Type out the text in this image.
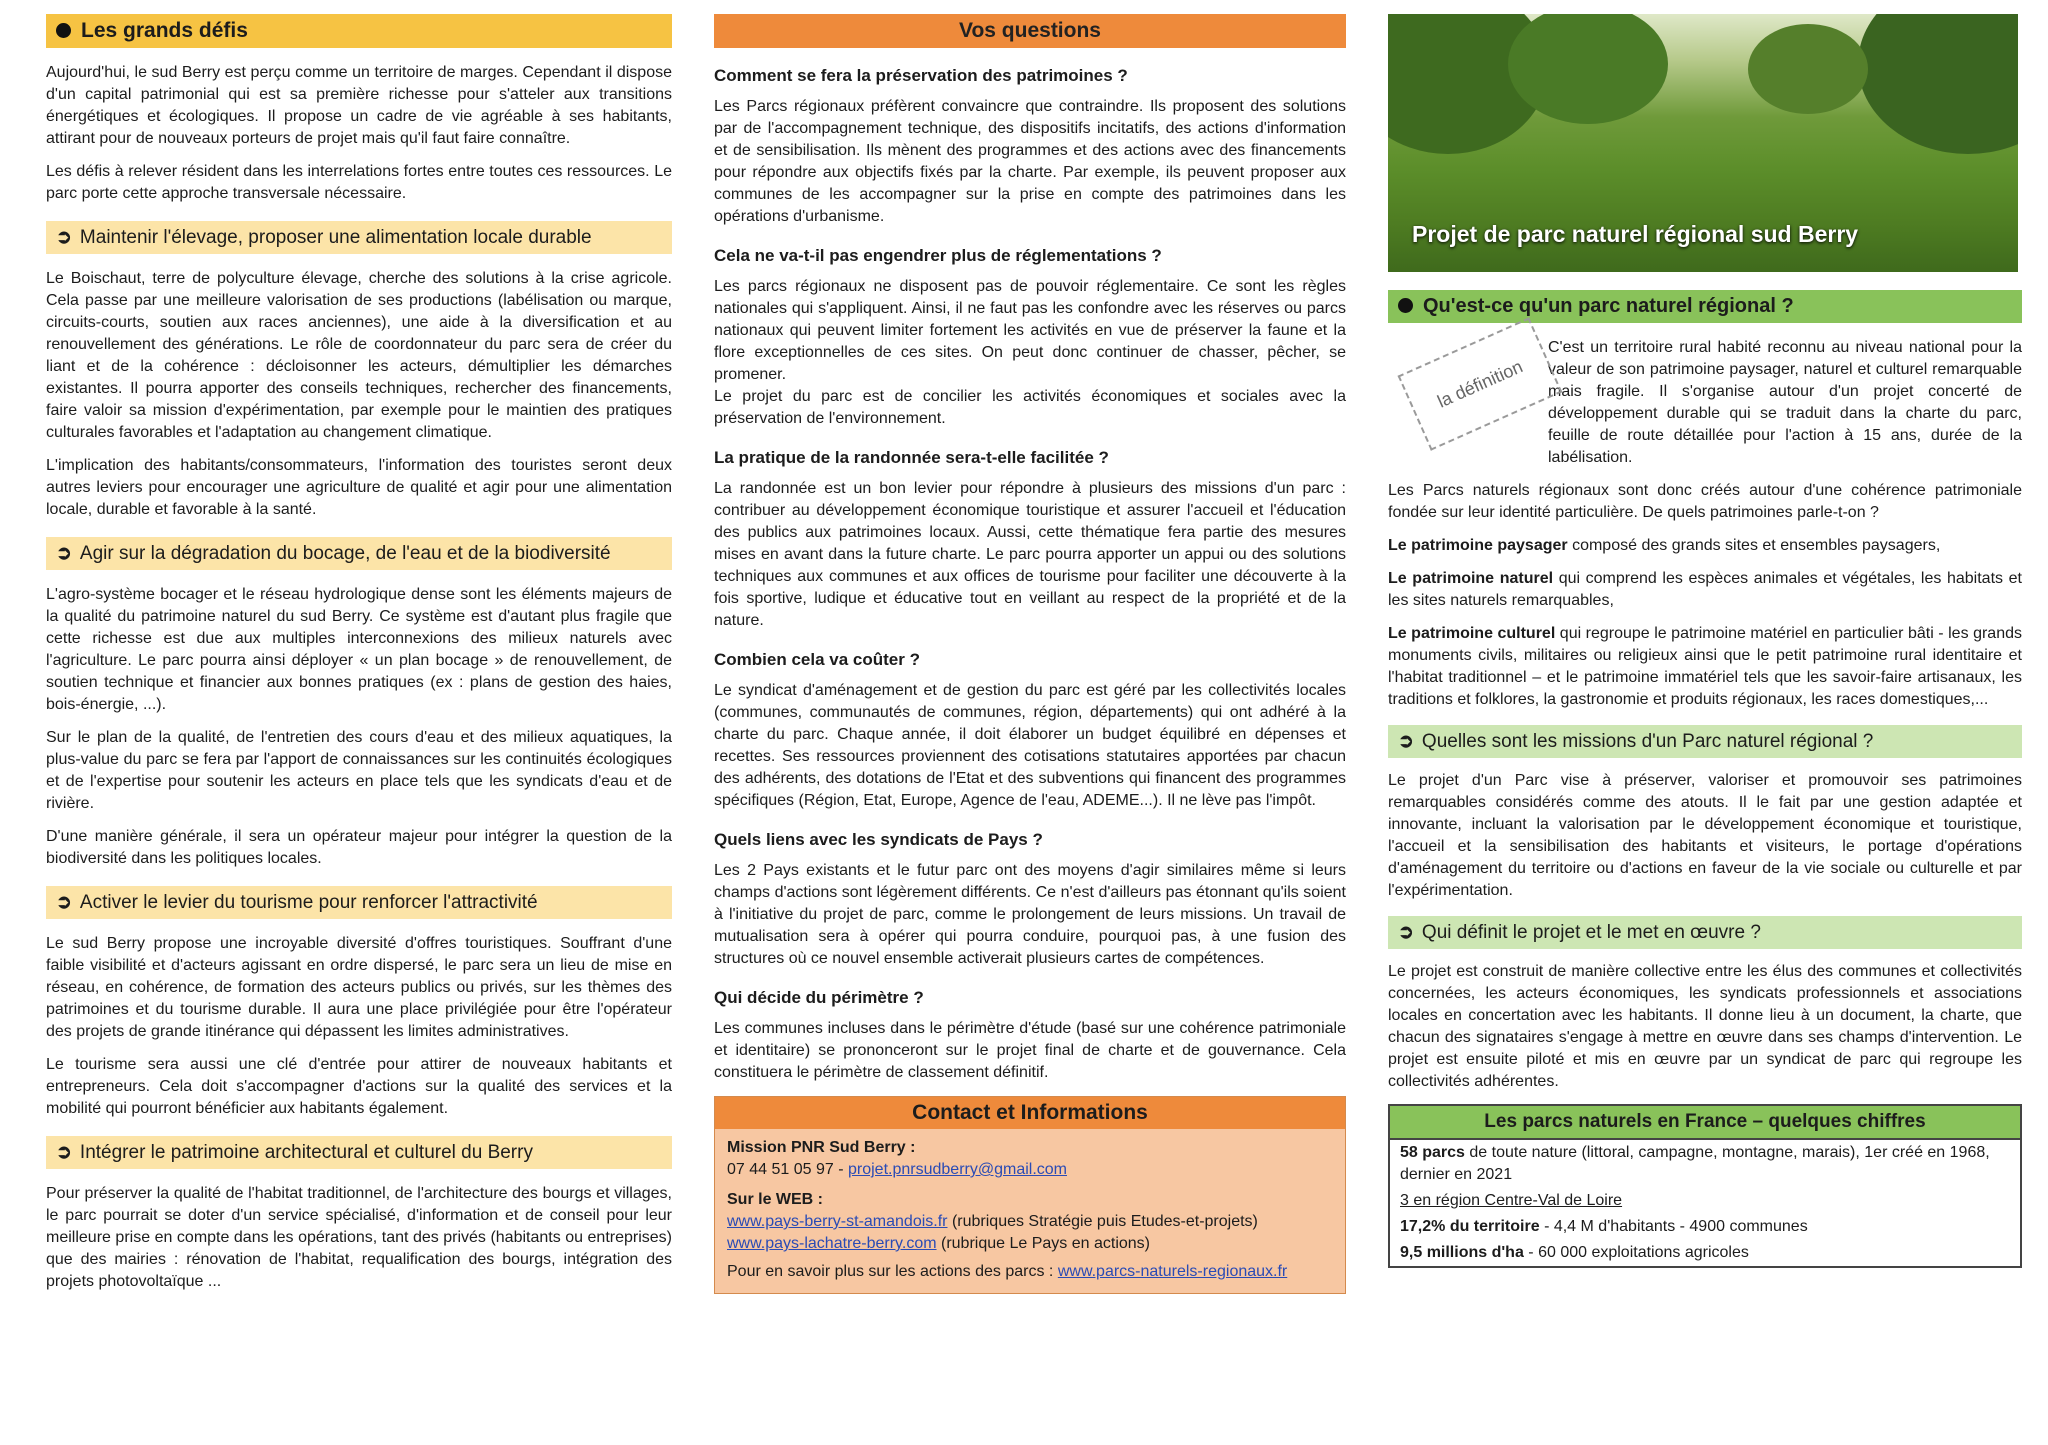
Les grands défis

Aujourd'hui, le sud Berry est perçu comme un territoire de marges. Cependant il dispose d'un capital patrimonial qui est sa première richesse pour s'atteler aux transitions énergétiques et écologiques. Il propose un cadre de vie agréable à ses habitants, attirant pour de nouveaux porteurs de projet mais qu'il faut faire connaître.

Les défis à relever résident dans les interrelations fortes entre toutes ces ressources. Le parc porte cette approche transversale nécessaire.

➲ Maintenir l'élevage, proposer une alimentation locale durable

Le Boischaut, terre de polyculture élevage, cherche des solutions à la crise agricole. Cela passe par une meilleure valorisation de ses productions (labélisation ou marque, circuits-courts, soutien aux races anciennes), une aide à la diversification et au renouvellement des générations. Le rôle de coordonnateur du parc sera de créer du liant et de la cohérence : décloisonner les acteurs, démultiplier les démarches existantes. Il pourra apporter des conseils techniques, rechercher des financements, faire valoir sa mission d'expérimentation, par exemple pour le maintien des pratiques culturales favorables et l'adaptation au changement climatique.

L'implication des habitants/consommateurs, l'information des touristes seront deux autres leviers pour encourager une agriculture de qualité et agir pour une alimentation locale, durable et favorable à la santé.

➲ Agir sur la dégradation du bocage, de l'eau et de la biodiversité

L'agro-système bocager et le réseau hydrologique dense sont les éléments majeurs de la qualité du patrimoine naturel du sud Berry. Ce système est d'autant plus fragile que cette richesse est due aux multiples interconnexions des milieux naturels avec l'agriculture. Le parc pourra ainsi déployer « un plan bocage » de renouvellement, de soutien technique et financier aux bonnes pratiques (ex : plans de gestion des haies, bois-énergie, ...).

Sur le plan de la qualité, de l'entretien des cours d'eau et des milieux aquatiques, la plus-value du parc se fera par l'apport de connaissances sur les continuités écologiques et de l'expertise pour soutenir les acteurs en place tels que les syndicats d'eau et de rivière.

D'une manière générale, il sera un opérateur majeur pour intégrer la question de la biodiversité dans les politiques locales.

➲ Activer le levier du tourisme pour renforcer l'attractivité

Le sud Berry propose une incroyable diversité d'offres touristiques. Souffrant d'une faible visibilité et d'acteurs agissant en ordre dispersé, le parc sera un lieu de mise en réseau, en cohérence, de formation des acteurs publics ou privés, sur les thèmes des patrimoines et du tourisme durable. Il aura une place privilégiée pour être l'opérateur des projets de grande itinérance qui dépassent les limites administratives.

Le tourisme sera aussi une clé d'entrée pour attirer de nouveaux habitants et entrepreneurs. Cela doit s'accompagner d'actions sur la qualité des services et la mobilité qui pourront bénéficier aux habitants également.

➲ Intégrer le patrimoine architectural et culturel du Berry

Pour préserver la qualité de l'habitat traditionnel, de l'architecture des bourgs et villages, le parc pourrait se doter d'un service spécialisé, d'information et de conseil pour leur meilleure prise en compte dans les opérations, tant des privés (habitants ou entreprises) que des mairies : rénovation de l'habitat, requalification des bourgs, intégration des projets photovoltaïque ...

Vos questions
Comment se fera la préservation des patrimoines ?

Les Parcs régionaux préfèrent convaincre que contraindre. Ils proposent des solutions par de l'accompagnement technique, des dispositifs incitatifs, des actions d'information et de sensibilisation. Ils mènent des programmes et des actions avec des financements pour répondre aux objectifs fixés par la charte. Par exemple, ils peuvent proposer aux communes de les accompagner sur la prise en compte des patrimoines dans les opérations d'urbanisme.

Cela ne va-t-il pas engendrer plus de réglementations ?

Les parcs régionaux ne disposent pas de pouvoir réglementaire. Ce sont les règles nationales qui s'appliquent. Ainsi, il ne faut pas les confondre avec les réserves ou parcs nationaux qui peuvent limiter fortement les activités en vue de préserver la faune et la flore exceptionnelles de ces sites. On peut donc continuer de chasser, pêcher, se promener.

Le projet du parc est de concilier les activités économiques et sociales avec la préservation de l'environnement.

La pratique de la randonnée sera-t-elle facilitée ?

La randonnée est un bon levier pour répondre à plusieurs des missions d'un parc : contribuer au développement économique touristique et assurer l'accueil et l'éducation des publics aux patrimoines locaux. Aussi, cette thématique fera partie des mesures mises en avant dans la future charte. Le parc pourra apporter un appui ou des solutions techniques aux communes et aux offices de tourisme pour faciliter une découverte à la fois sportive, ludique et éducative tout en veillant au respect de la propriété et de la nature.

Combien cela va coûter ?

Le syndicat d'aménagement et de gestion du parc est géré par les collectivités locales (communes, communautés de communes, région, départements) qui ont adhéré à la charte du parc. Chaque année, il doit élaborer un budget équilibré en dépenses et recettes. Ses ressources proviennent des cotisations statutaires apportées par chacun des adhérents, des dotations de l'Etat et des subventions qui financent des programmes spécifiques (Région, Etat, Europe, Agence de l'eau, ADEME...). Il ne lève pas l'impôt.

Quels liens avec les syndicats de Pays ?

Les 2 Pays existants et le futur parc ont des moyens d'agir similaires même si leurs champs d'actions sont légèrement différents. Ce n'est d'ailleurs pas étonnant qu'ils soient à l'initiative du projet de parc, comme le prolongement de leurs missions. Un travail de mutualisation sera à opérer qui pourra conduire, pourquoi pas, à une fusion des structures où ce nouvel ensemble activerait plusieurs cartes de compétences.

Qui décide du périmètre ?

Les communes incluses dans le périmètre d'étude (basé sur une cohérence patrimoniale et identitaire) se prononceront sur le projet final de charte et de gouvernance. Cela constituera le périmètre de classement définitif.

Contact et Informations
Mission PNR Sud Berry :
07 44 51 05 97 - projet.pnrsudberry@gmail.com
Sur le WEB :
www.pays-berry-st-amandois.fr (rubriques Stratégie puis Etudes-et-projets)
www.pays-lachatre-berry.com (rubrique Le Pays en actions)
Pour en savoir plus sur les actions des parcs : www.parcs-naturels-regionaux.fr
Projet de parc naturel régional sud Berry
Qu'est-ce qu'un parc naturel régional ?
la définition

C'est un territoire rural habité reconnu au niveau national pour la valeur de son patrimoine paysager, naturel et culturel remarquable mais fragile. Il s'organise autour d'un projet concerté de développement durable qui se traduit dans la charte du parc, feuille de route détaillée pour l'action à 15 ans, durée de la labélisation.

Les Parcs naturels régionaux sont donc créés autour d'une cohérence patrimoniale fondée sur leur identité particulière. De quels patrimoines parle-t-on ?

Le patrimoine paysager composé des grands sites et ensembles paysagers,

Le patrimoine naturel qui comprend les espèces animales et végétales, les habitats et les sites naturels remarquables,

Le patrimoine culturel qui regroupe le patrimoine matériel en particulier bâti - les grands monuments civils, militaires ou religieux ainsi que le petit patrimoine rural identitaire et l'habitat traditionnel – et le patrimoine immatériel tels que les savoir-faire artisanaux, les traditions et folklores, la gastronomie et produits régionaux, les races domestiques,...

➲ Quelles sont les missions d'un Parc naturel régional ?

Le projet d'un Parc vise à préserver, valoriser et promouvoir ses patrimoines remarquables considérés comme des atouts. Il le fait par une gestion adaptée et innovante, incluant la valorisation par le développement économique et touristique, l'accueil et la sensibilisation des habitants et visiteurs, le portage d'opérations d'aménagement du territoire ou d'actions en faveur de la vie sociale ou culturelle et par l'expérimentation.

➲ Qui définit le projet et le met en œuvre ?

Le projet est construit de manière collective entre les élus des communes et collectivités concernées, les acteurs économiques, les syndicats professionnels et associations locales en concertation avec les habitants. Il donne lieu à un document, la charte, que chacun des signataires s'engage à mettre en œuvre dans ses champs d'intervention. Le projet est ensuite piloté et mis en œuvre par un syndicat de parc qui regroupe les collectivités adhérentes.

Les parcs naturels en France – quelques chiffres
58 parcs de toute nature (littoral, campagne, montagne, marais), 1er créé en 1968, dernier en 2021
3 en région Centre-Val de Loire
17,2% du territoire - 4,4 M d'habitants - 4900 communes
9,5 millions d'ha - 60 000 exploitations agricoles
